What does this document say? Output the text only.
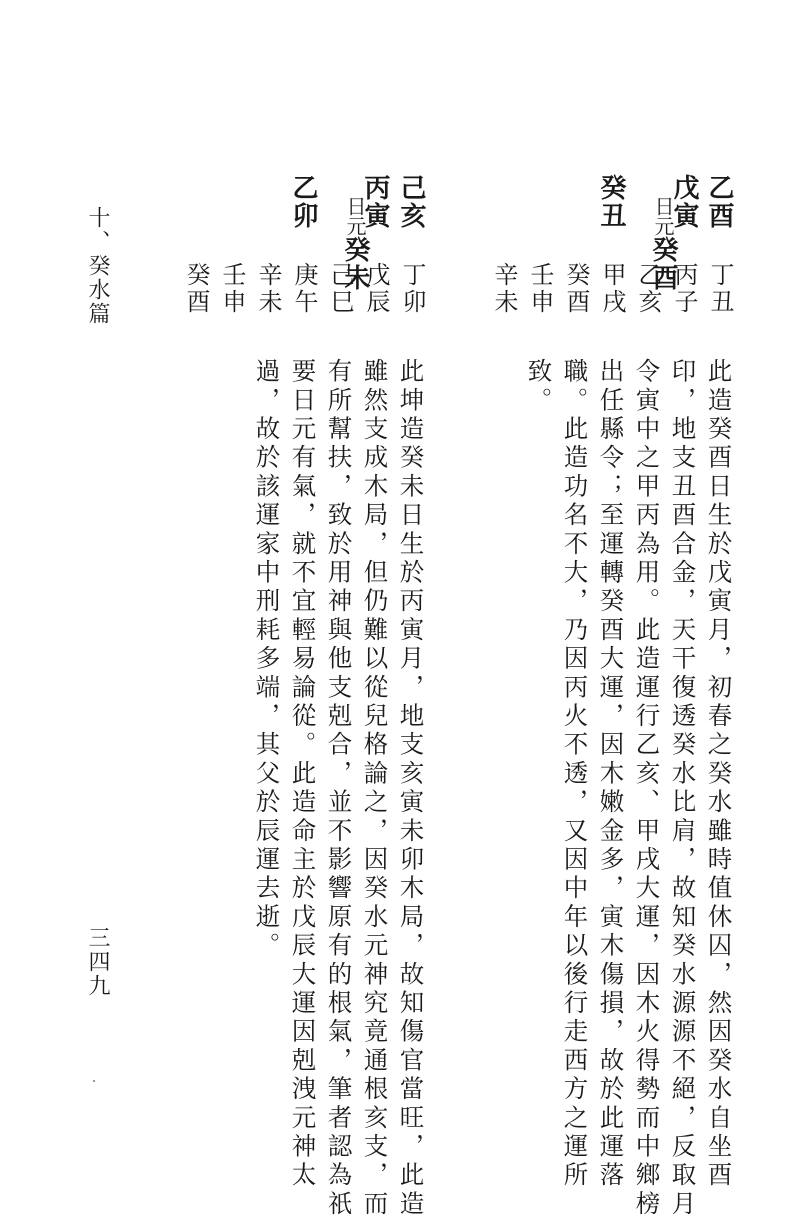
乙酉
戊寅

日元癸酉

癸丑
丁丑
丙子
乙亥
甲戌
癸酉
壬申
辛未
此造癸酉日生於戊寅月，初春之癸水雖時值休囚，然因癸水自坐酉
印，地支丑酉合金，天干復透癸水比肩，故知癸水源源不絕，反取月
令寅中之甲丙為用。此造運行乙亥、甲戌大運，因木火得勢而中鄉榜
出任縣令；至運轉癸酉大運，因木嫩金多，寅木傷損，故於此運落
職。此造功名不大，乃因丙火不透，又因中年以後行走西方之運所
致。
己亥
丙寅

日元癸未

乙卯
丁卯
戊辰
己巳
庚午
辛未
壬申
癸酉
此坤造癸未日生於丙寅月，地支亥寅未卯木局，故知傷官當旺，此造
雖然支成木局，但仍難以從兒格論之，因癸水元神究竟通根亥支，而
有所幫扶，致於用神與他支剋合，並不影響原有的根氣，筆者認為祇
要日元有氣，就不宜輕易論從。此造命主於戊辰大運因剋洩元神太
過，故於該運家中刑耗多端，其父於辰運去逝。
十、癸水篇
三四九
